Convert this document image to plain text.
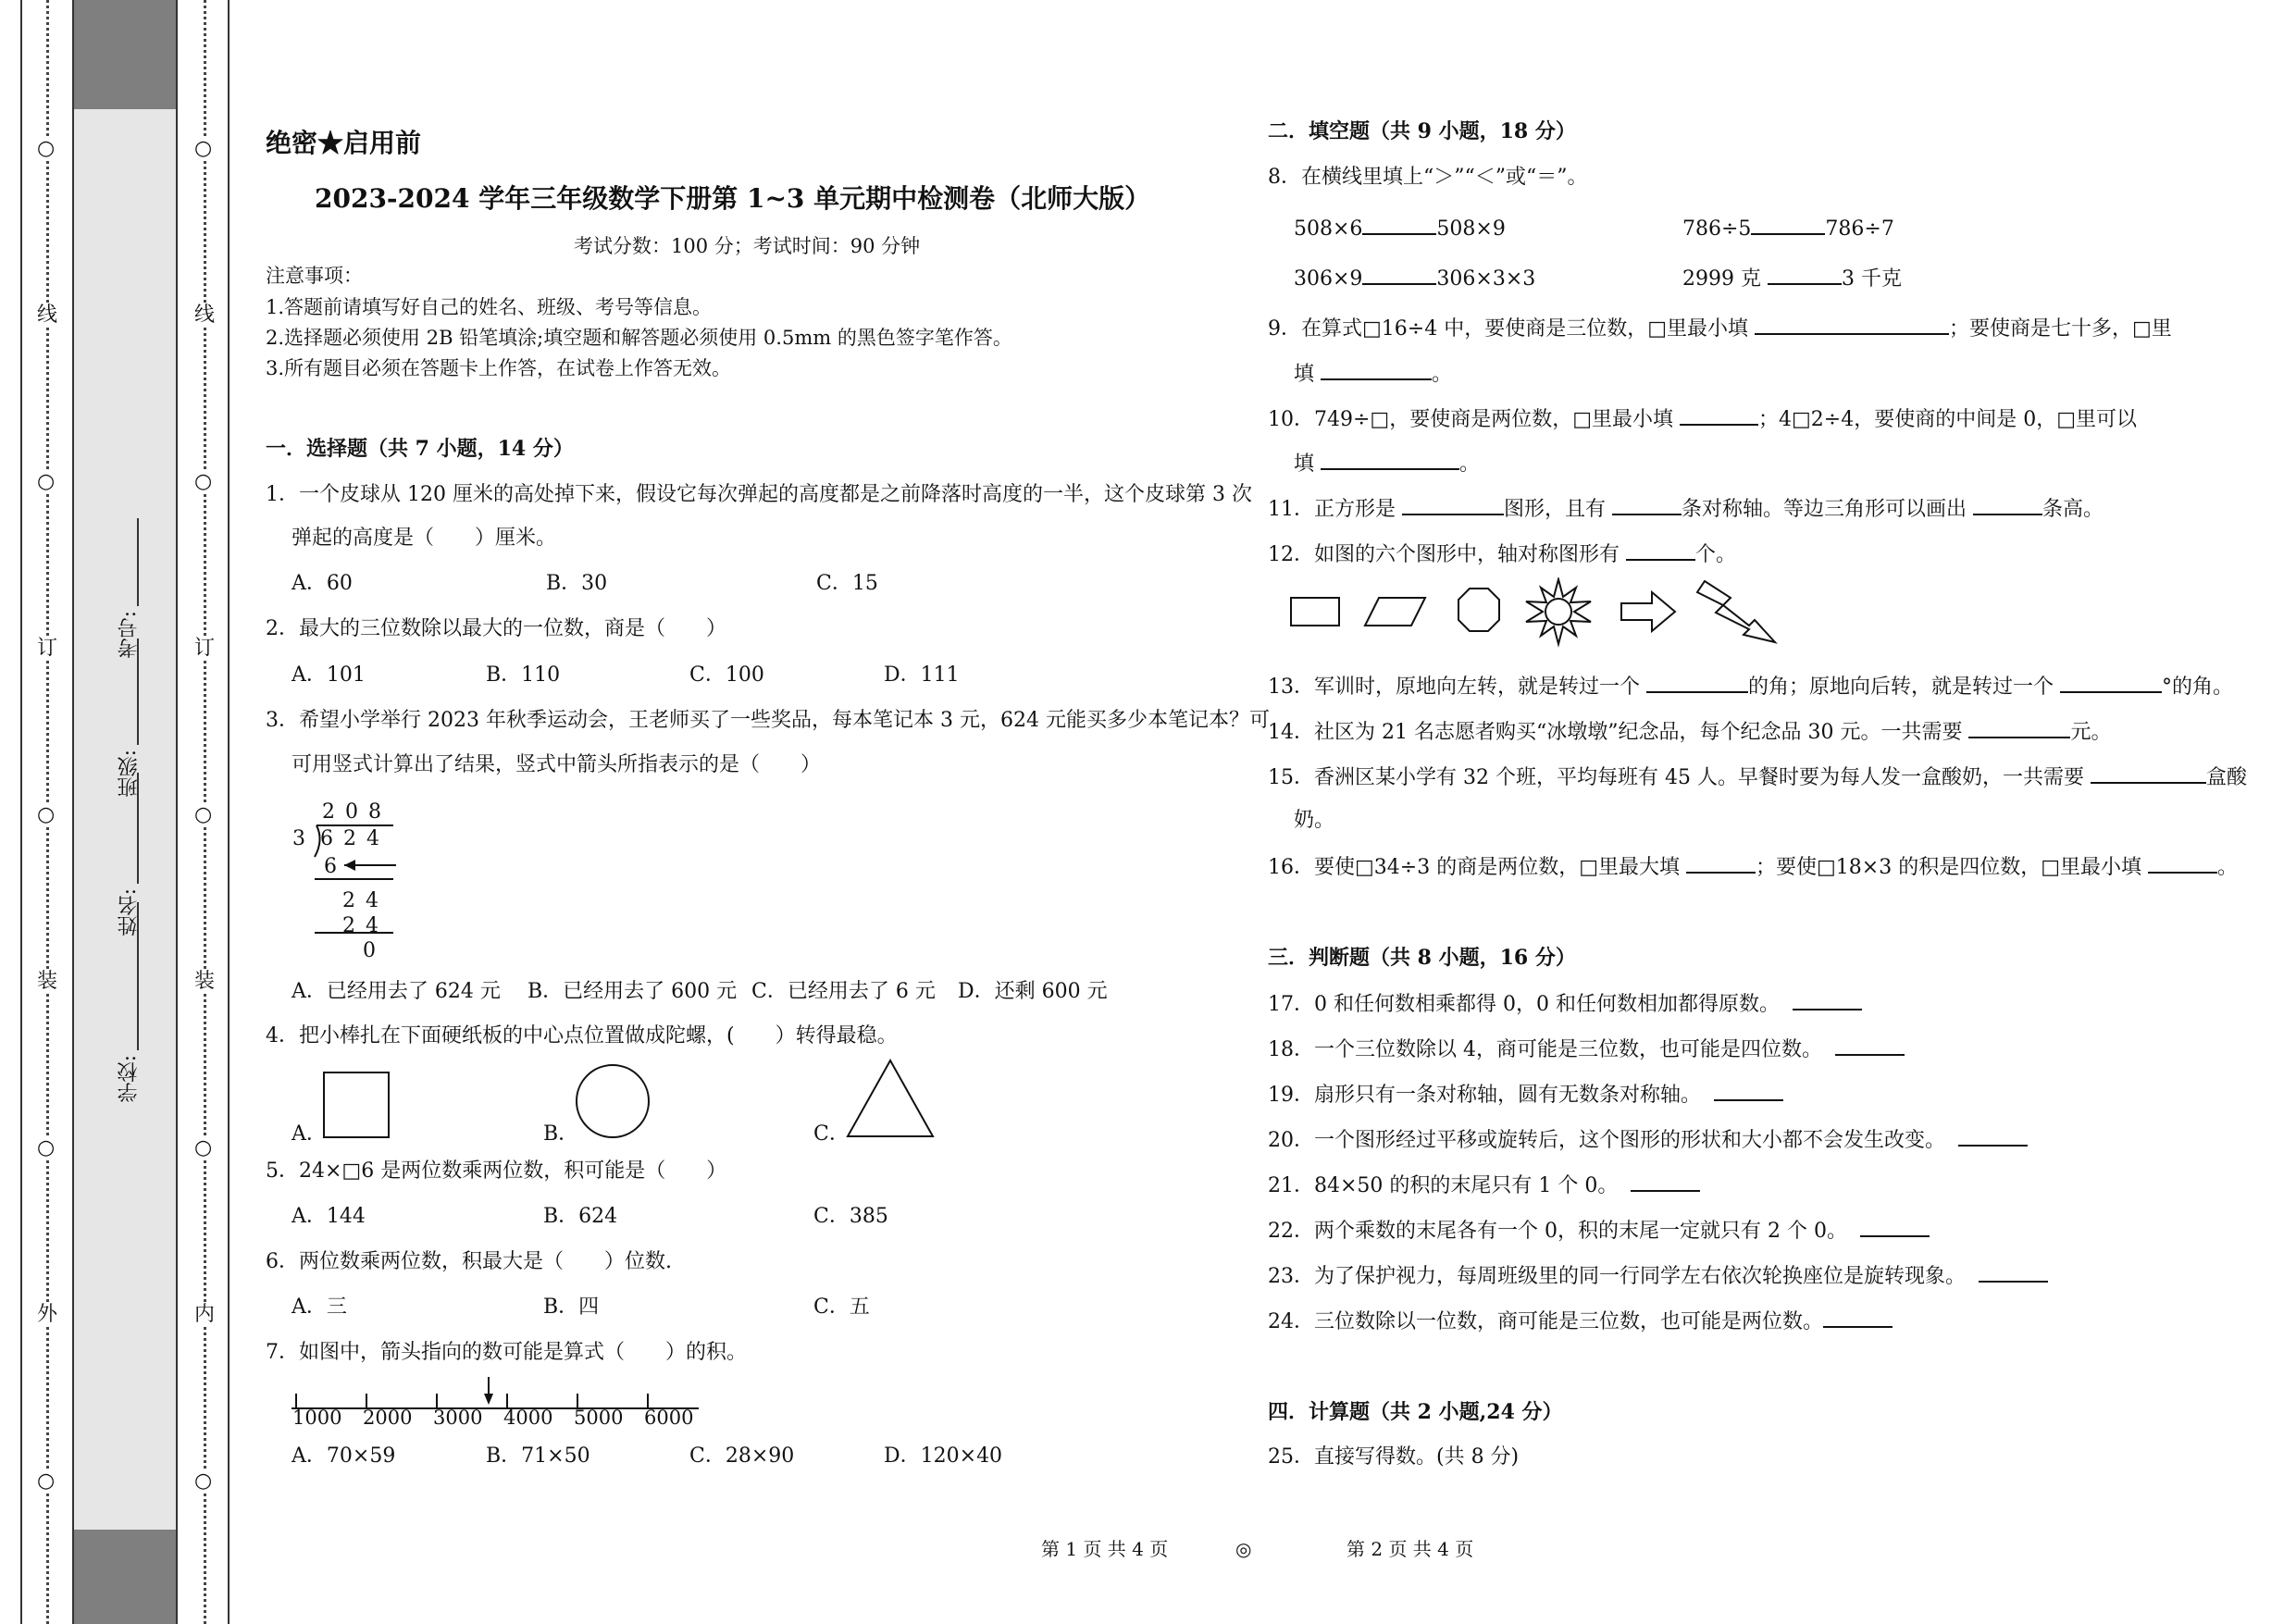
○
线
○
订
○
装
○
外
○
○
线
○
订
○
装
○
内
○
学校:
姓名:
班级:
考号:
绝密★启用前
2023-2024 学年三年级数学下册第 1~3 单元期中检测卷（北师大版）
考试分数：100 分；考试时间：90 分钟
注意事项：
1.答题前请填写好自己的姓名、班级、考号等信息。
2.选择题必须使用 2B 铅笔填涂;填空题和解答题必须使用 0.5mm 的黑色签字笔作答。
3.所有题目必须在答题卡上作答，在试卷上作答无效。
一．选择题（共 7 小题，14 分）
1．一个皮球从 120 厘米的高处掉下来，假设它每次弹起的高度都是之前降落时高度的一半，这个皮球第 3 次
弹起的高度是（　　）厘米。
A．60	B．30	C．15
2．最大的三位数除以最大的一位数，商是（　　）
A．101	B．110	C．100	D．111
3．希望小学举行 2023 年秋季运动会，王老师买了一些奖品，每本笔记本 3 元，624 元能买多少本笔记本？可
可用竖式计算出了结果，竖式中箭头所指表示的是（　　）
2 0 8
3 6 2 4
6
2 4
2 4
0
A．已经用去了 624 元 B．已经用去了 600 元 C．已经用去了 6 元 D．还剩 600 元
4．把小棒扎在下面硬纸板的中心点位置做成陀螺，(　　）转得最稳。
A．	B．	C．
5．24×□6 是两位数乘两位数，积可能是（　　）
A．144	B．624	C．385
6．两位数乘两位数，积最大是（　　）位数.
A．三	B．四	C．五
7．如图中，箭头指向的数可能是算式（　　）的积。
1000 2000 3000 4000 5000 6000
A．70×59	B．71×50	C．28×90	D．120×40
二．填空题（共 9 小题，18 分）
8．在横线里填上“＞”“＜”或“＝”。
508×6	508×9	786÷5	786÷7
306×9	306×3×3	2999 克	3 千克
9．在算式□16÷4 中，要使商是三位数，□里最小填	；要使商是七十多，□里
填	。
10．749÷□，要使商是两位数，□里最小填	；4□2÷4，要使商的中间是 0，□里可以
填	。
11．正方形是	图形，且有	条对称轴。等边三角形可以画出	条高。
12．如图的六个图形中，轴对称图形有	个。
13．军训时，原地向左转，就是转过一个	的角；原地向后转，就是转过一个	°的角。
14．社区为 21 名志愿者购买“冰墩墩”纪念品，每个纪念品 30 元。一共需要	元。
15．香洲区某小学有 32 个班，平均每班有 45 人。早餐时要为每人发一盒酸奶，一共需要	盒酸
奶。
16．要使□34÷3 的商是两位数，□里最大填	；要使□18×3 的积是四位数，□里最小填	。
三．判断题（共 8 小题，16 分）
17．0 和任何数相乘都得 0，0 和任何数相加都得原数。
18．一个三位数除以 4，商可能是三位数，也可能是四位数。
19．扇形只有一条对称轴，圆有无数条对称轴。
20．一个图形经过平移或旋转后，这个图形的形状和大小都不会发生改变。
21．84×50 的积的末尾只有 1 个 0。
22．两个乘数的末尾各有一个 0，积的末尾一定就只有 2 个 0。
23．为了保护视力，每周班级里的同一行同学左右依次轮换座位是旋转现象。
24．三位数除以一位数，商可能是三位数，也可能是两位数。
四．计算题（共 2 小题,24 分）
25．直接写得数。(共 8 分)
第 1 页 共 4 页	◎	第 2 页 共 4 页
